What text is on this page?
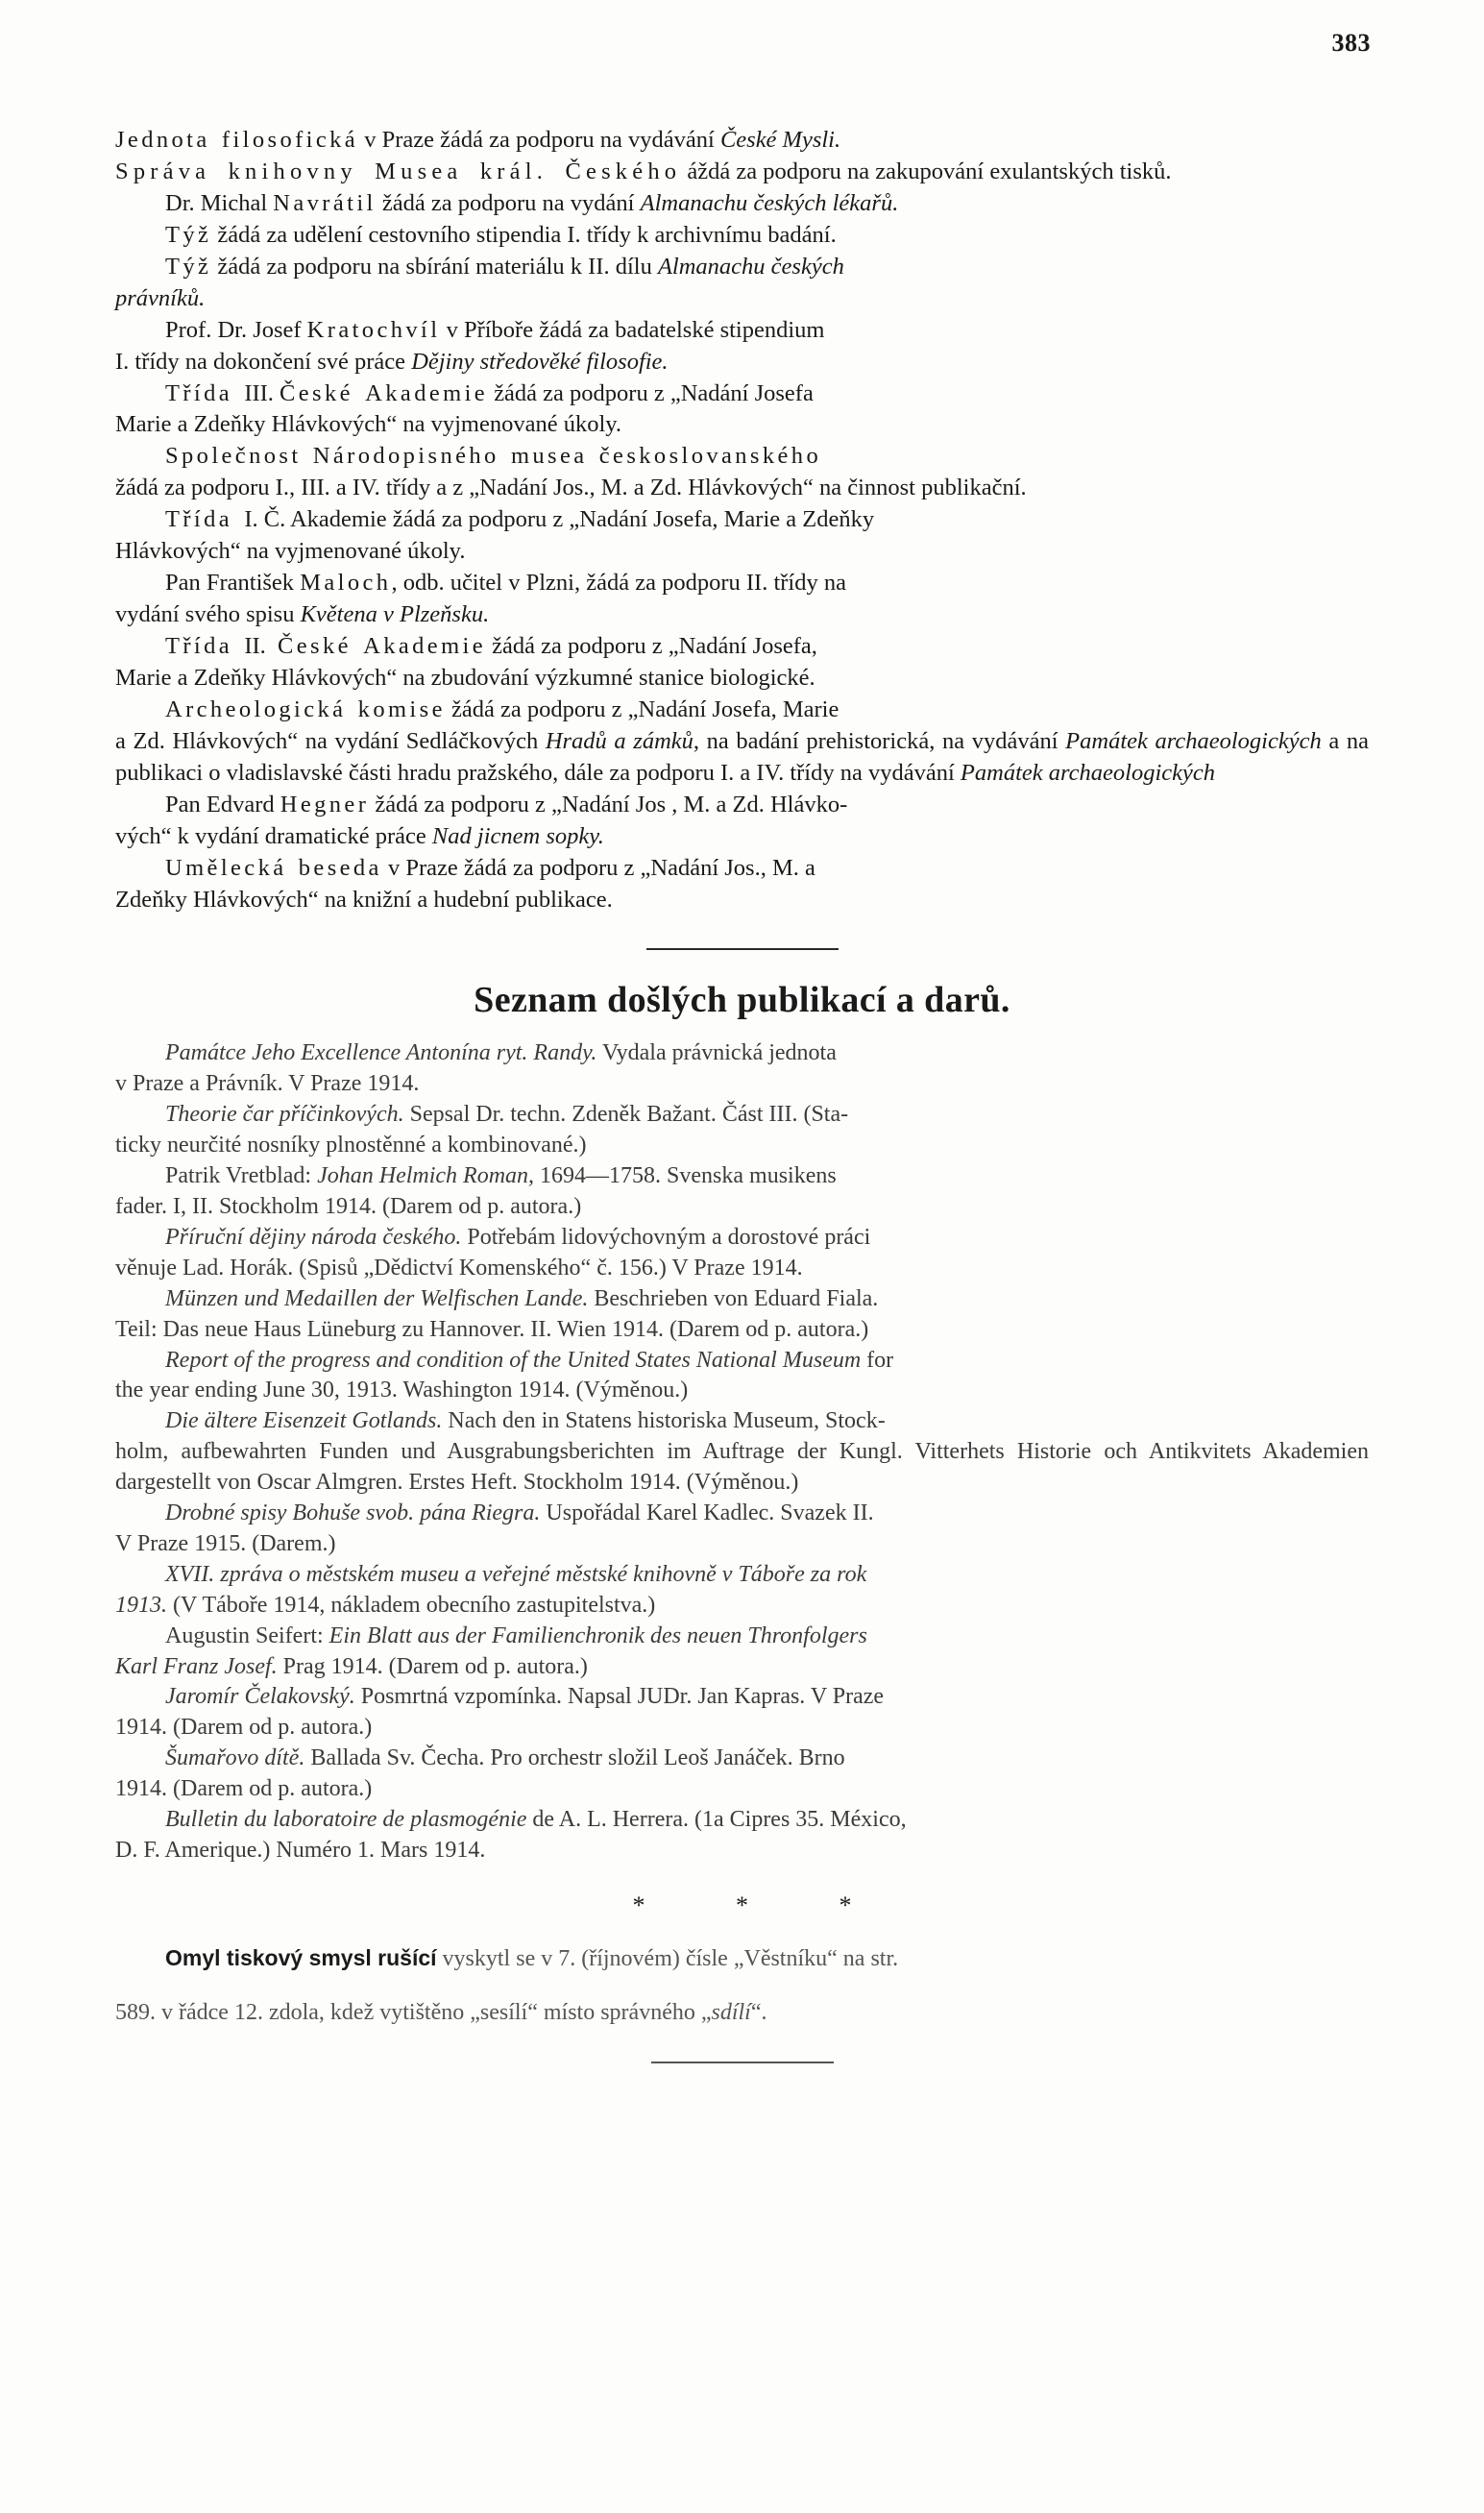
383

Jednota filosofická v Praze žádá za podporu na vydávání České Mysli.
Správa knihovny Musea král. Českého áždá za podporu na zakupování exulantských tisků.

Dr. Michal Navrátil žádá za podporu na vydání Almanachu českých lékařů.

Týž žádá za udělení cestovního stipendia I. třídy k archivnímu badání.

Týž žádá za podporu na sbírání materiálu k II. dílu Almanachu českých

právníků.

Prof. Dr. Josef Kratochvíl v Příboře žádá za badatelské stipendium

I. třídy na dokončení své práce Dějiny středověké filosofie.

Třída  III. České Akademie žádá za podporu z „Nadání Josefa

Marie a Zdeňky Hlávkových“ na vyjmenované úkoly.

Společnost Národopisného musea českoslovanského

žádá za podporu I., III. a IV. třídy a z „Nadání Jos., M. a Zd. Hlávkových“ na činnost publikační.

Třída  I. Č. Akademie žádá za podporu z „Nadání Josefa, Marie a Zdeňky

Hlávkových“ na vyjmenované úkoly.

Pan František Maloch, odb. učitel v Plzni, žádá za podporu II. třídy na

vydání svého spisu Květena v Plzeňsku.

Třída  II.  České Akademie žádá za podporu z „Nadání Josefa,

Marie a Zdeňky Hlávkových“ na zbudování výzkumné stanice biologické.

Archeologická komise žádá za podporu z „Nadání Josefa, Marie

a Zd. Hlávkových“ na vydání Sedláčkových Hradů a zámků, na badání prehistorická, na vydávání Památek archaeologických a na publikaci o vladislavské části hradu pražského, dále za podporu I. a IV. třídy na vydávání Památek archaeologických

Pan Edvard Hegner žádá za podporu z „Nadání Jos , M. a Zd. Hlávko-

vých“ k vydání dramatické práce Nad jicnem sopky.

Umělecká beseda v Praze žádá za podporu z „Nadání Jos., M. a

Zdeňky Hlávkových“ na knižní a hudební publikace.

Seznam došlých publikací a darů.

Památce Jeho Excellence Antonína ryt. Randy. Vydala právnická jednota

v Praze a Právník. V Praze 1914.

Theorie čar příčinkových. Sepsal Dr. techn. Zdeněk Bažant. Část III. (Sta-

ticky neurčité nosníky plnostěnné a kombinované.)

Patrik Vretblad: Johan Helmich Roman, 1694—1758. Svenska musikens

fader. I, II. Stockholm 1914. (Darem od p. autora.)

Příruční dějiny národa českého. Potřebám lidovýchovným a dorostové práci

věnuje Lad. Horák. (Spisů „Dědictví Komenského“ č. 156.) V Praze 1914.

Münzen und Medaillen der Welfischen Lande. Beschrieben von Eduard Fiala.

Teil: Das neue Haus Lüneburg zu Hannover. II. Wien 1914. (Darem od p. autora.)

Report of the progress and condition of the United States National Museum for

the year ending June 30, 1913. Washington 1914. (Výměnou.)

Die ältere Eisenzeit Gotlands. Nach den in Statens historiska Museum, Stock-

holm, aufbewahrten Funden und Ausgrabungsberichten im Auftrage der Kungl. Vitterhets Historie och Antikvitets Akademien dargestellt von Oscar Almgren. Erstes Heft. Stockholm 1914. (Výměnou.)

Drobné spisy Bohuše svob. pána Riegra. Uspořádal Karel Kadlec. Svazek II.

V Praze 1915. (Darem.)

XVII. zpráva o městském museu a veřejné městské knihovně v Táboře za rok

1913. (V Táboře 1914, nákladem obecního zastupitelstva.)

Augustin Seifert: Ein Blatt aus der Familienchronik des neuen Thronfolgers

Karl Franz Josef. Prag 1914. (Darem od p. autora.)

Jaromír Čelakovský. Posmrtná vzpomínka. Napsal JUDr. Jan Kapras. V Praze

1914. (Darem od p. autora.)

Šumařovo dítě. Ballada Sv. Čecha. Pro orchestr složil Leoš Janáček. Brno

1914. (Darem od p. autora.)

Bulletin du laboratoire de plasmogénie de A. L. Herrera. (1a Cipres 35. México,

D. F. Amerique.) Numéro 1. Mars 1914.

* * *

Omyl tiskový smysl rušící vyskytl se v 7. (říjnovém) čísle „Věstníku“ na str.

589. v řádce 12. zdola, kdež vytištěno „sesílí“ místo správného „sdílí“.
